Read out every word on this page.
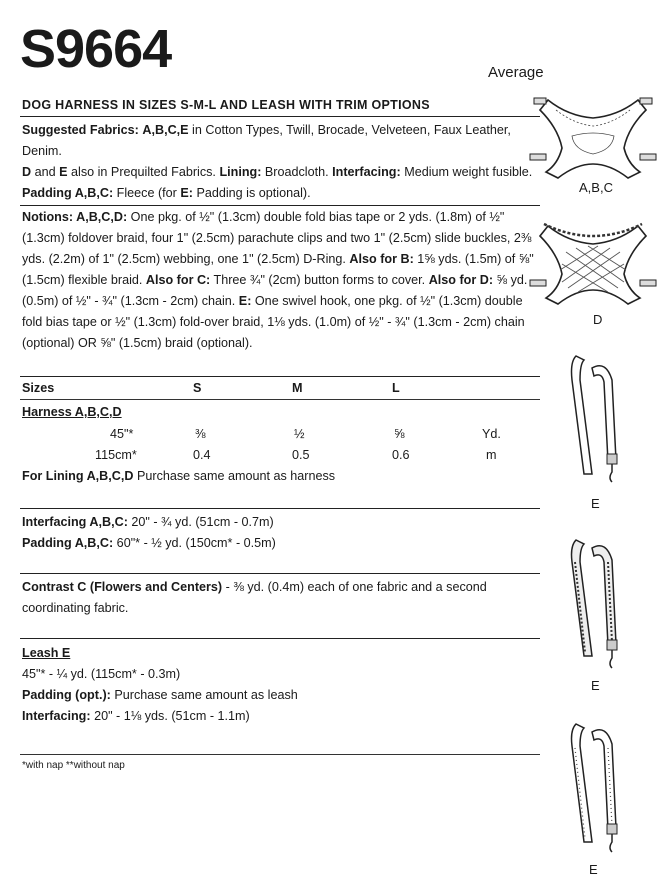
S9664	Average
DOG HARNESS IN SIZES S-M-L AND LEASH WITH TRIM OPTIONS
Suggested Fabrics: A,B,C,E in Cotton Types, Twill, Brocade, Velveteen, Faux Leather, Denim.
D and E also in Prequilted Fabrics. Lining: Broadcloth. Interfacing: Medium weight fusible.
Padding A,B,C: Fleece (for E: Padding is optional).
Notions: A,B,C,D: One pkg. of ½" (1.3cm) double fold bias tape or 2 yds. (1.8m) of ½"
(1.3cm) foldover braid, four 1" (2.5cm) parachute clips and two 1" (2.5cm) slide buckles, 2⅜
yds. (2.2m) of 1" (2.5cm) webbing, one 1" (2.5cm) D-Ring. Also for B: 1⅝ yds. (1.5m) of ⅝"
(1.5cm) flexible braid. Also for C: Three ¾" (2cm) button forms to cover. Also for D: ⅝ yd.
(0.5m) of ½" - ¾" (1.3cm - 2cm) chain. E: One swivel hook, one pkg. of ½" (1.3cm) double
fold bias tape or ½" (1.3cm) fold-over braid, 1⅛ yds. (1.0m) of ½" - ¾" (1.3cm - 2cm) chain
(optional) OR ⅝" (1.5cm) braid (optional).
Sizes	S	M	L
Harness A,B,C,D
45"*	⅜	½	⅝	Yd.
115cm*	0.4	0.5	0.6	m
For Lining A,B,C,D Purchase same amount as harness
Interfacing A,B,C: 20" - ¾ yd. (51cm - 0.7m)
Padding A,B,C: 60"* - ½ yd. (150cm* - 0.5m)
Contrast C (Flowers and Centers) - ⅜ yd. (0.4m) each of one fabric and a second
coordinating fabric.
Leash E
45"* - ¼ yd. (115cm* - 0.3m)
Padding (opt.): Purchase same amount as leash
Interfacing: 20" - 1⅛ yds. (51cm - 1.1m)
*with nap **without nap
A,B,C
D
E
E
E
